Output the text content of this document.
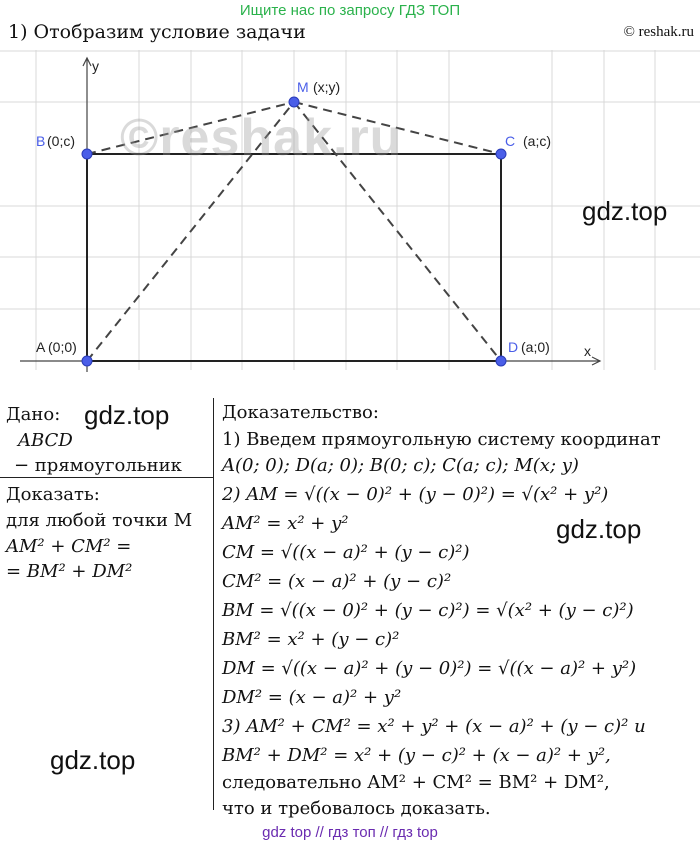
Ищите нас по запросу ГДЗ ТОП
1) Отобразим условие задачи	© reshak.ru
y
x
M (x;y)
B (0;c)	C (a;c)
A (0;0)	D (a;0)
©reshak.ru
gdz.top
Дано: gdz.top
ABCD
− прямоугольник
Доказать:
для любой точки M
AM² + CM² =
= BM² + DM²
gdz.top
Доказательство:
1) Введем прямоугольную систему координат
A(0; 0); D(a; 0); B(0; c); C(a; c); M(x; y)
2) AM = √((x − 0)² + (y − 0)²) = √(x² + y²)
AM² = x² + y²	gdz.top
CM = √((x − a)² + (y − c)²)
CM² = (x − a)² + (y − c)²
BM = √((x − 0)² + (y − c)²) = √(x² + (y − c)²)
BM² = x² + (y − c)²
DM = √((x − a)² + (y − 0)²) = √((x − a)² + y²)
DM² = (x − a)² + y²
3) AM² + CM² = x² + y² + (x − a)² + (y − c)² и
BM² + DM² = x² + (y − c)² + (x − a)² + y²,
следовательно AM² + CM² = BM² + DM²,
что и требовалось доказать.
gdz top // гдз топ // гдз top
